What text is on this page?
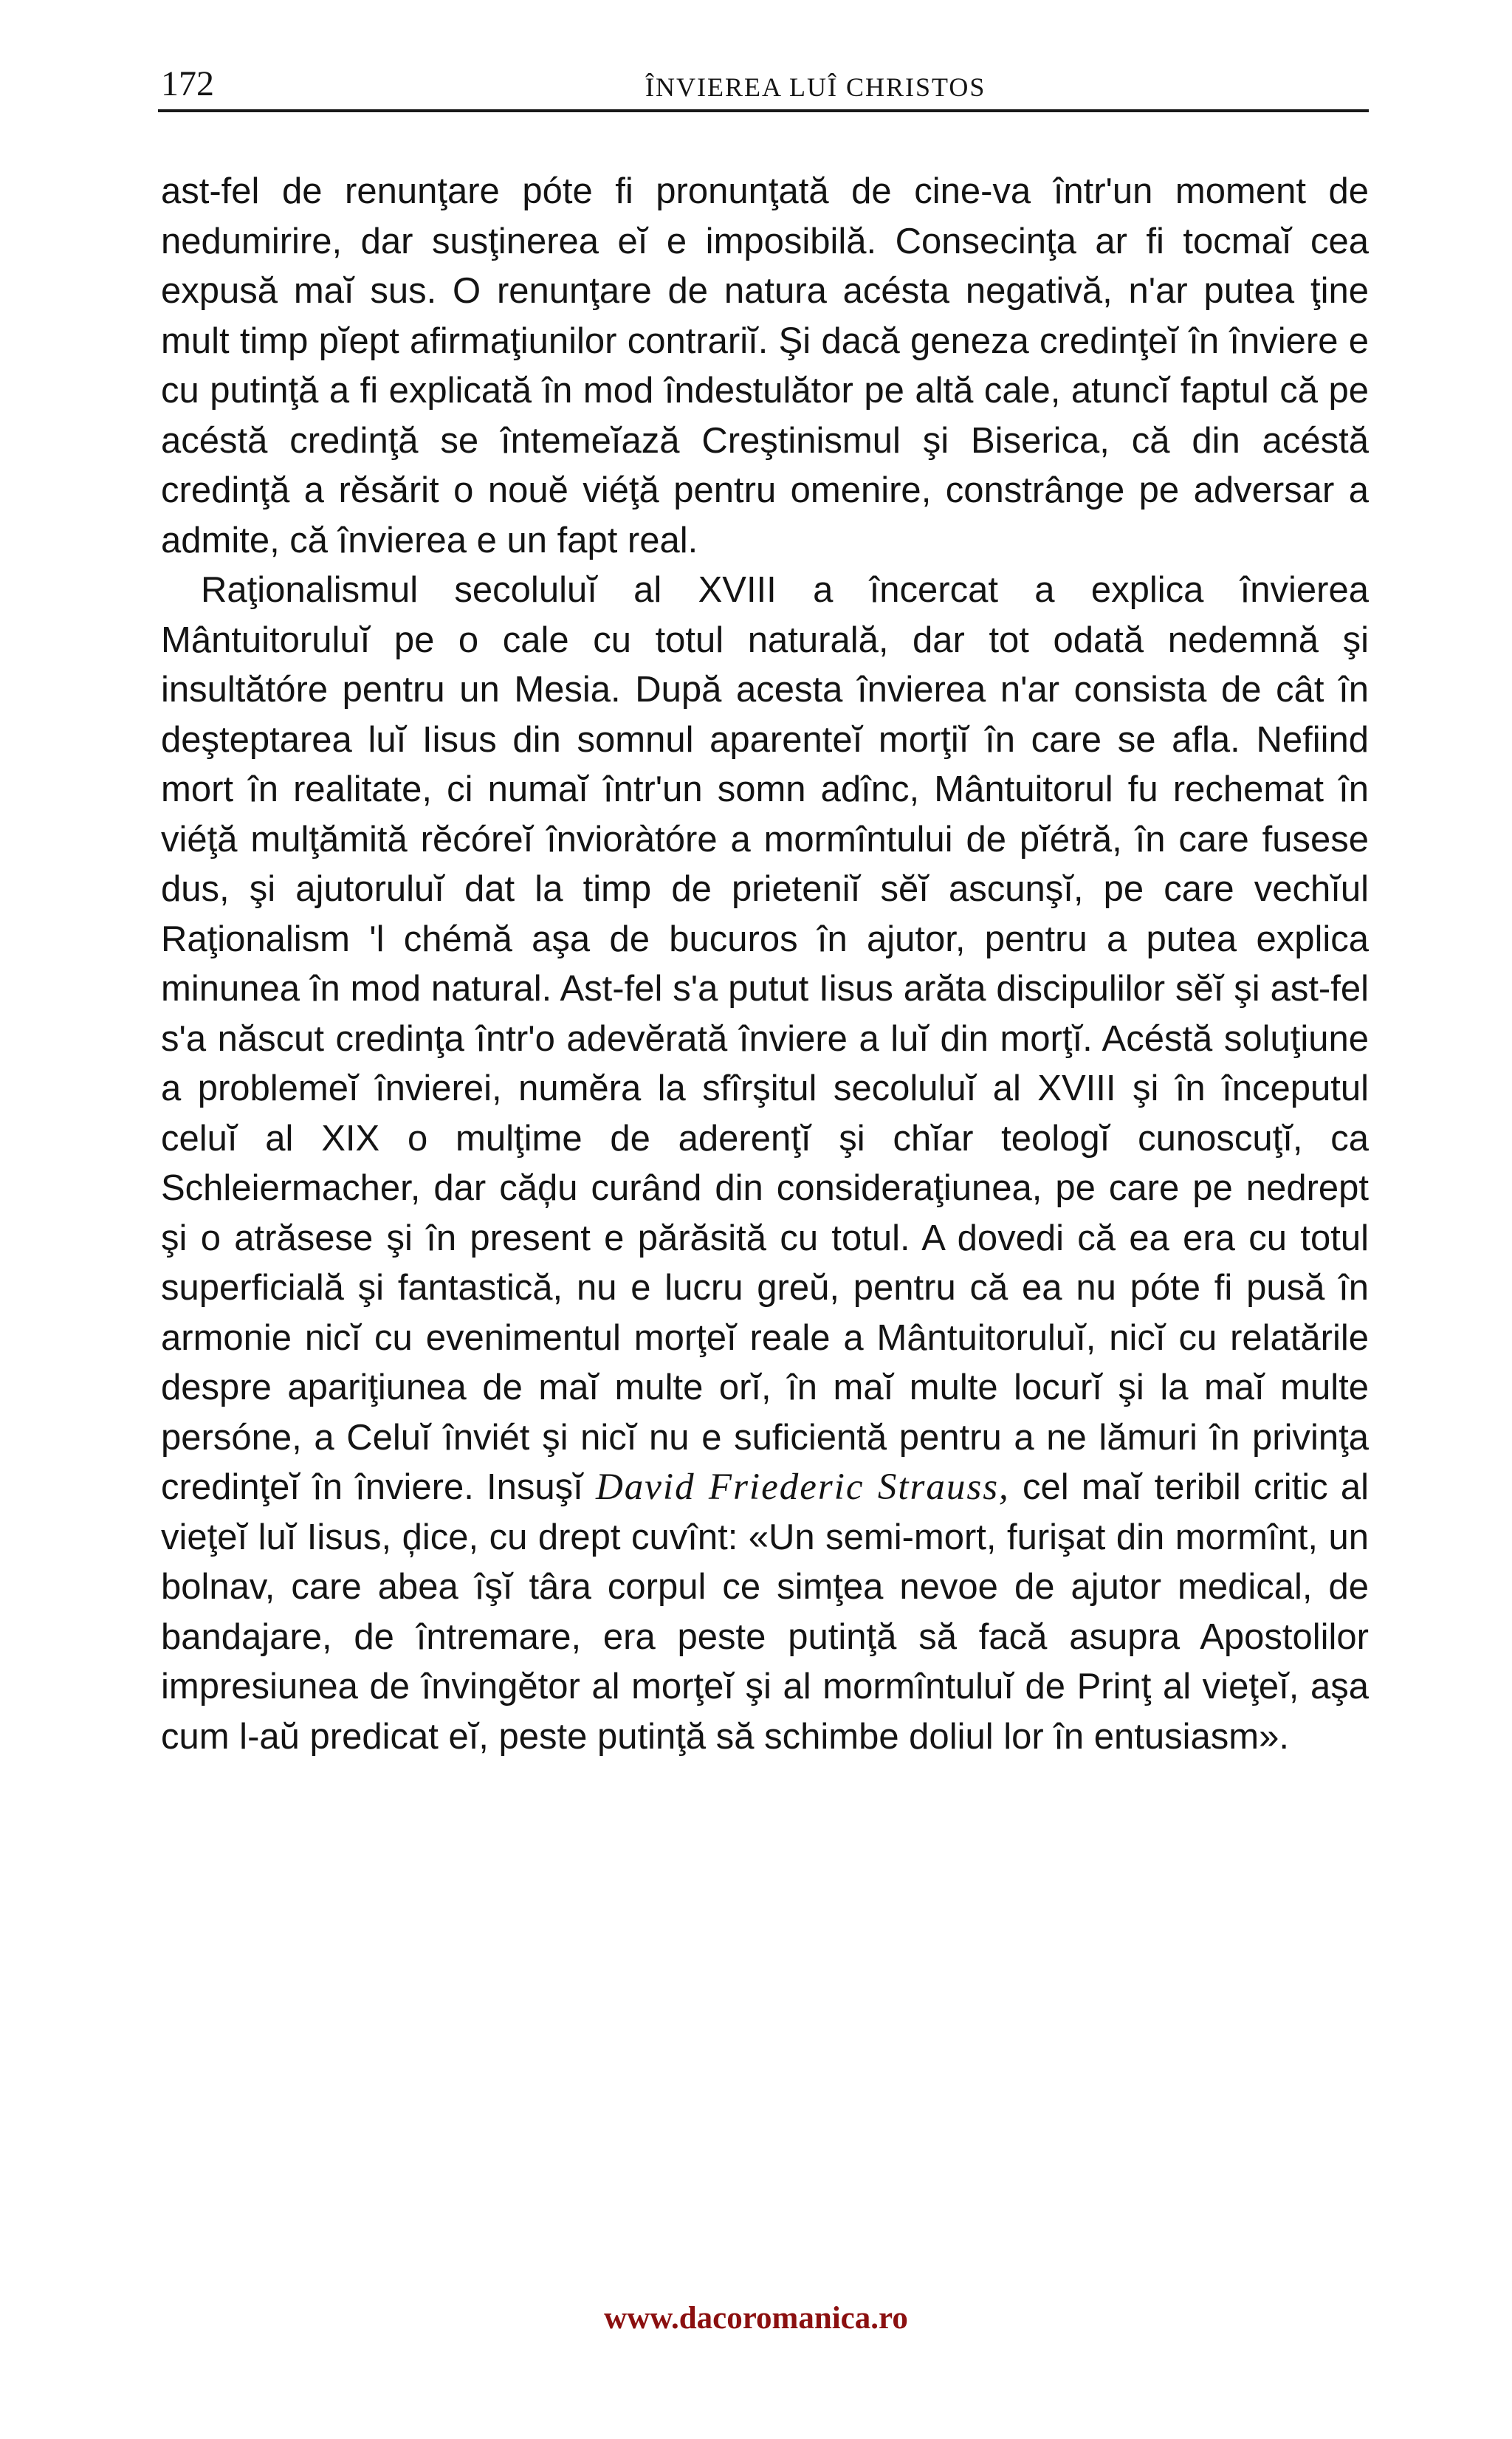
172	ÎNVIEREA LUÎ CHRISTOS

ast-fel de renunţare póte fi pronunţată de cine-va într'un moment de nedumirire, dar susţinerea eĭ e imposibilă. Consecinţa ar fi tocmaĭ cea expusă maĭ sus. O renunţare de natura acésta negativă, n'ar putea ţine mult timp pĭept afirmaţiunilor contrariĭ. Şi dacă geneza credinţeĭ în înviere e cu putinţă a fi explicată în mod îndestulător pe altă cale, atuncĭ faptul că pe acéstă credinţă se întemeĭază Creştinismul şi Biserica, că din acéstă credinţă a rĕsărit o nouĕ viéţă pentru omenire, constrânge pe adversar a admite, că învierea e un fapt real.

Raţionalismul secoluluĭ al XVIII a încercat a explica învierea Mântuitoruluĭ pe o cale cu totul naturală, dar tot odată nedemnă şi insultătóre pentru un Mesia. După acesta învierea n'ar consista de cât în deşteptarea luĭ Iisus din somnul aparenteĭ morţiĭ în care se afla. Nefiind mort în realitate, ci numaĭ într'un somn adînc, Mântuitorul fu rechemat în viéţă mulţămită rĕcóreĭ învioràtóre a mormîntului de pĭétră, în care fusese dus, şi ajutoruluĭ dat la timp de prieteniĭ sĕĭ ascunşĭ, pe care vechĭul Raţionalism 'l chémă aşa de bucuros în ajutor, pentru a putea explica minunea în mod natural. Ast-fel s'a putut Iisus arăta discipulilor sĕĭ şi ast-fel s'a născut credinţa într'o adevĕrată înviere a luĭ din morţĭ. Acéstă soluţiune a problemeĭ învierei, numĕra la sfîrşitul secoluluĭ al XVIII şi în începutul celuĭ al XIX o mulţime de aderenţĭ şi chĭar teologĭ cunoscuţĭ, ca Schleiermacher, dar căḑu curând din consideraţiunea, pe care pe nedrept şi o atrăsese şi în present e părăsită cu totul. A dovedi că ea era cu totul superficială şi fantastică, nu e lucru greŭ, pentru că ea nu póte fi pusă în armonie nicĭ cu evenimentul morţeĭ reale a Mântuitoruluĭ, nicĭ cu relatările despre apariţiunea de maĭ multe orĭ, în maĭ multe locurĭ şi la maĭ multe persóne, a Celuĭ înviét şi nicĭ nu e suficientă pentru a ne lămuri în privinţa credinţeĭ în înviere. Insuşĭ David Friederic Strauss, cel maĭ teribil critic al vieţeĭ luĭ Iisus, ḑice, cu drept cuvînt: «Un semi-mort, furişat din mormînt, un bolnav, care abea îşĭ târa corpul ce simţea nevoe de ajutor medical, de bandajare, de întremare, era peste putinţă să facă asupra Apostolilor impresiunea de învingĕtor al morţeĭ şi al mormîntuluĭ de Prinţ al vieţeĭ, aşa cum l-aŭ predicat eĭ, peste putinţă să schimbe doliul lor în entusiasm».

www.dacoromanica.ro
